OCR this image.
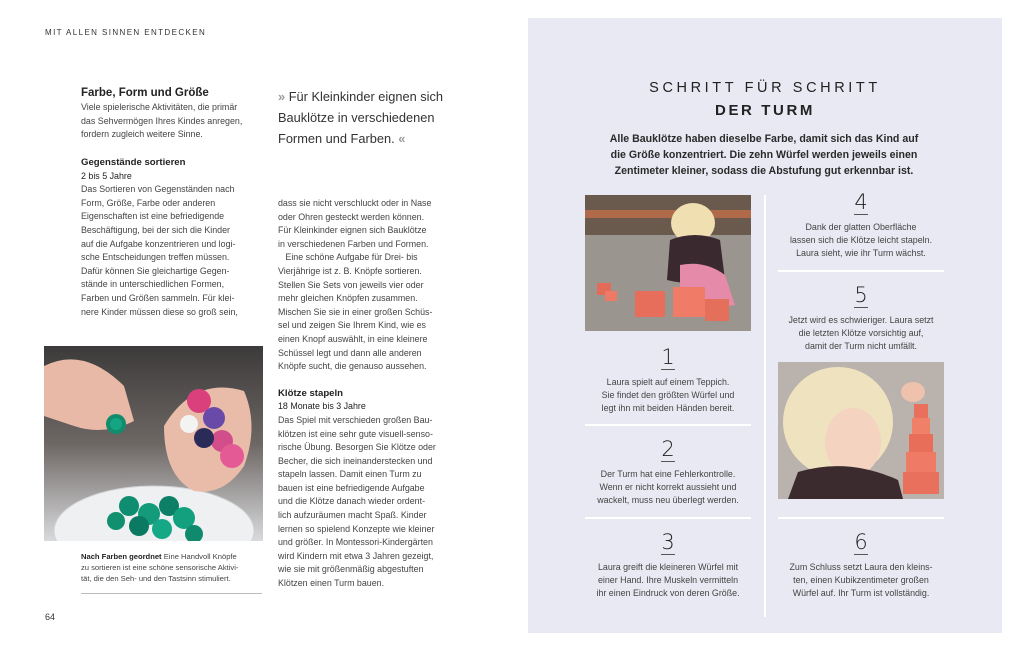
MIT ALLEN SINNEN ENTDECKEN

Farbe, Form und Größe

Viele spielerische Aktivitäten, die primär

das Sehvermögen Ihres Kindes anregen,

fordern zugleich weitere Sinne.

Gegenstände sortieren

2 bis 5 Jahre

Das Sortieren von Gegenständen nach

Form, Größe, Farbe oder anderen

Eigenschaften ist eine befriedigende

Beschäftigung, bei der sich die Kinder

auf die Aufgabe konzentrieren und logi-

sche Entscheidungen treffen müssen.

Dafür können Sie gleichartige Gegen-

stände in unterschiedlichen Formen,

Farben und Größen sammeln. Für klei-

nere Kinder müssen diese so groß sein,

Nach Farben geordnet Eine Handvoll Knöpfe
zu sortieren ist eine schöne sensorische Aktivi-
tät, die den Seh- und den Tastsinn stimuliert.
» Für Kleinkinder eignen sich
Bauklötze in verschiedenen
Formen und Farben. «

dass sie nicht verschluckt oder in Nase

oder Ohren gesteckt werden können.

Für Kleinkinder eignen sich Bauklötze

in verschiedenen Farben und Formen.

Eine schöne Aufgabe für Drei- bis

Vierjährige ist z. B. Knöpfe sortieren.

Stellen Sie Sets von jeweils vier oder

mehr gleichen Knöpfen zusammen.

Mischen Sie sie in einer großen Schüs-

sel und zeigen Sie Ihrem Kind, wie es

einen Knopf auswählt, in eine kleinere

Schüssel legt und dann alle anderen

Knöpfe sucht, die genauso aussehen.

Klötze stapeln

18 Monate bis 3 Jahre

Das Spiel mit verschieden großen Bau-

klötzen ist eine sehr gute visuell-senso-

rische Übung. Besorgen Sie Klötze oder

Becher, die sich ineinanderstecken und

stapeln lassen. Damit einen Turm zu

bauen ist eine befriedigende Aufgabe

und die Klötze danach wieder ordent-

lich aufzuräumen macht Spaß. Kinder

lernen so spielend Konzepte wie kleiner

und größer. In Montessori-Kindergärten

wird Kindern mit etwa 3 Jahren gezeigt,

wie sie mit größenmäßig abgestuften

Klötzen einen Turm bauen.

64
SCHRITT FÜR SCHRITT
DER TURM
Alle Bauklötze haben dieselbe Farbe, damit sich das Kind auf
die Größe konzentriert. Die zehn Würfel werden jeweils einen
Zentimeter kleiner, sodass die Abstufung gut erkennbar ist.
1
Laura spielt auf einem Teppich.
Sie findet den größten Würfel und
legt ihn mit beiden Händen bereit.
2
Der Turm hat eine Fehlerkontrolle.
Wenn er nicht korrekt aussieht und
wackelt, muss neu überlegt werden.
3
Laura greift die kleineren Würfel mit
einer Hand. Ihre Muskeln vermitteln
ihr einen Eindruck von deren Größe.
4
Dank der glatten Oberfläche
lassen sich die Klötze leicht stapeln.
Laura sieht, wie ihr Turm wächst.
5
Jetzt wird es schwieriger. Laura setzt
die letzten Klötze vorsichtig auf,
damit der Turm nicht umfällt.
6
Zum Schluss setzt Laura den kleins-
ten, einen Kubikzentimeter großen
Würfel auf. Ihr Turm ist vollständig.
